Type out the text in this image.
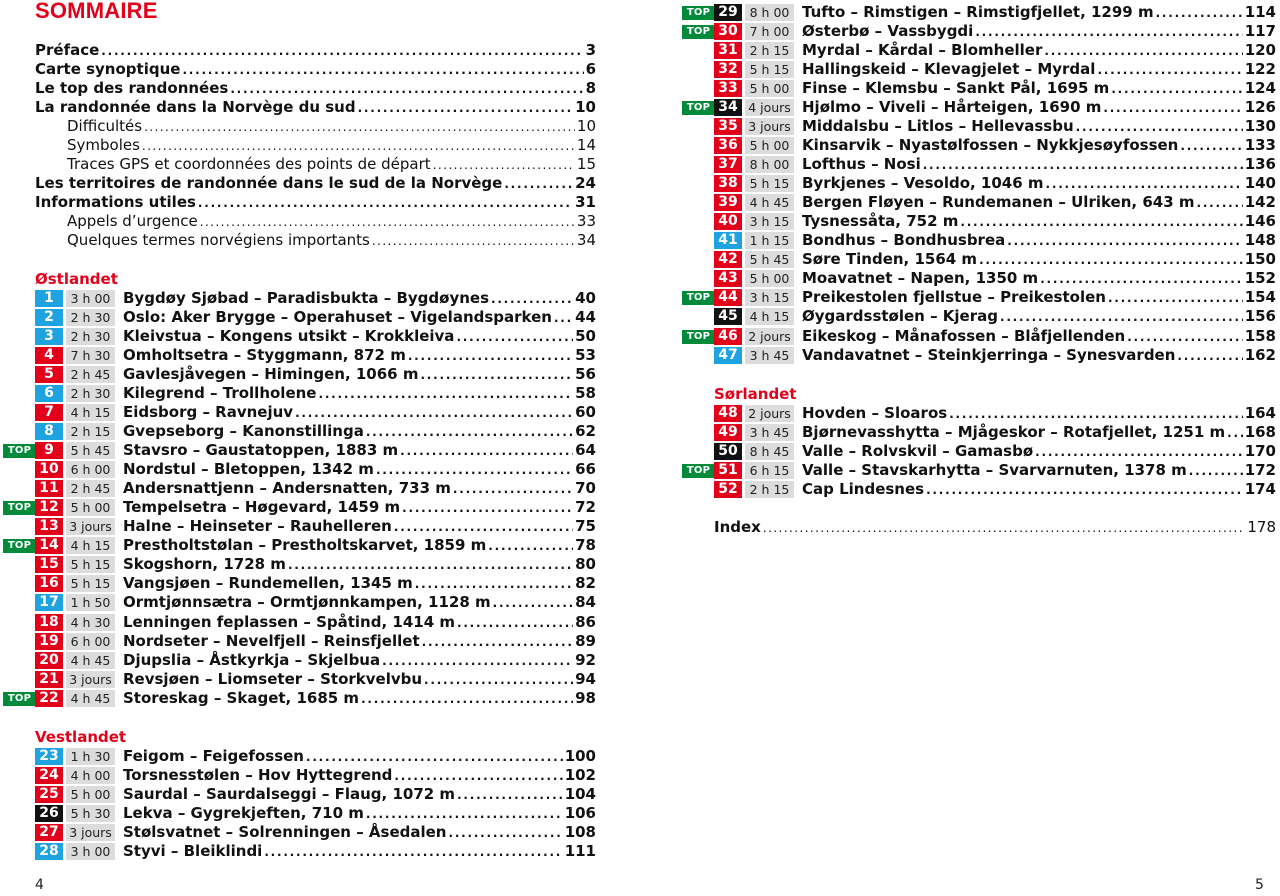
SOMMAIRE
4	5
Préface . . .	3
Carte synoptique . . .	6
Le top des randonnées . . .	8
La randonnée dans la Norvège du sud . . .	10
Difficultés . . .	10
Symboles . . .	14
Traces GPS et coordonnées des points de départ . . .	15
Les territoires de randonnée dans le sud de la Norvège . . .	24
Informations utiles . . .	31
Appels d’urgence . . .	33
Quelques termes norvégiens importants . . .	34
Østlandet
1	3 h 00 Bygdøy Sjøbad – Paradisbukta – Bygdøynes . . .	40
2	2 h 30 Oslo: Aker Brygge – Operahuset – Vigelandsparken . . . 44
3	2 h 30 Kleivstua – Kongens utsikt – Krokkleiva . . .	50
4	7 h 30 Omholtsetra – Styggmann, 872 m . . .	53
5	2 h 45 Gavlesjåvegen – Himingen, 1066 m . . .	56
6	2 h 30 Kilegrend – Trollholene . . .	58
7	4 h 15 Eidsborg – Ravnejuv . . .	60
8	2 h 15 Gvepseborg – Kanonstillinga . . .	62
TOP 9	5 h 45 Stavsro – Gaustatoppen, 1883 m . . .	64
10 6 h 00 Nordstul – Bletoppen, 1342 m . . .	66
11 2 h 45 Andersnattjenn – Andersnatten, 733 m . . .	70
TOP 12 5 h 00 Tempelsetra – Høgevard, 1459 m . . .	72
13 3 jours Halne – Heinseter – Rauhelleren . . .	75
TOP 14 4 h 15 Prestholtstølan – Prestholtskarvet, 1859 m . . .	78
15 5 h 15 Skogshorn, 1728 m . . .	80
16 5 h 15 Vangsjøen – Rundemellen, 1345 m . . .	82
17 1 h 50 Ormtjønnsætra – Ormtjønnkampen, 1128 m . . .	84
18 4 h 30 Lenningen feplassen – Spåtind, 1414 m . . .	86
19 6 h 00 Nordseter – Nevelfjell – Reinsfjellet . . .	89
20 4 h 45 Djupslia – Åstkyrkja – Skjelbua . . .	92
21 3 jours Revsjøen – Liomseter – Storkvelvbu . . .	94
TOP 22 4 h 45 Storeskag – Skaget, 1685 m . . .	98
Vestlandet
23 1 h 30 Feigom – Feigefossen . . .	100
24 4 h 00 Torsnesstølen – Hov Hyttegrend . . .	102
25 5 h 00 Saurdal – Saurdalseggi – Flaug, 1072 m . . .	104
26 5 h 30 Lekva – Gygrekjeften, 710 m . . .	106
27 3 jours Stølsvatnet – Solrenningen – Åsedalen . . .	108
28 3 h 00 Styvi – Bleiklindi . . .	111
TOP 29 8 h 00 Tufto – Rimstigen – Rimstigfjellet, 1299 m . . .	114
TOP 30 7 h 00 Østerbø – Vassbygdi . . .	117
31 2 h 15 Myrdal – Kårdal – Blomheller . . .	120
32 5 h 15 Hallingskeid – Klevagjelet – Myrdal . . .	122
33 5 h 00 Finse – Klemsbu – Sankt Pål, 1695 m . . .	124
TOP 34 4 jours Hjølmo – Viveli – Hårteigen, 1690 m . . .	126
35 3 jours Middalsbu – Litlos – Hellevassbu . . .	130
36 5 h 00 Kinsarvik – Nyastølfossen – Nykkjesøyfossen . . .	133
37 8 h 00 Lofthus – Nosi . . .	136
38 5 h 15 Byrkjenes – Vesoldo, 1046 m . . .	140
39 4 h 45 Bergen Fløyen – Rundemanen – Ulriken, 643 m . . .	142
40 3 h 15 Tysnessåta, 752 m . . .	146
41 1 h 15 Bondhus – Bondhusbrea . . .	148
42 5 h 45 Søre Tinden, 1564 m . . .	150
43 5 h 00 Moavatnet – Napen, 1350 m . . .	152
TOP 44 3 h 15 Preikestolen fjellstue – Preikestolen . . .	154
45 4 h 15 Øygardsstølen – Kjerag . . .	156
TOP 46 2 jours Eikeskog – Månafossen – Blåfjellenden . . .	158
47 3 h 45 Vandavatnet – Steinkjerringa – Synesvarden . . .	162
Sørlandet
48 2 jours Hovden – Sloaros . . .	164
49 3 h 45 Bjørnevasshytta – Mjågeskor – Rotafjellet, 1251 m . . . 168
50 8 h 45 Valle – Rolvskvil – Gamasbø . . .	170
TOP 51 6 h 15 Valle – Stavskarhytta – Svarvarnuten, 1378 m . . .	172
52 2 h 15 Cap Lindesnes . . .	174
Index . . .	178
